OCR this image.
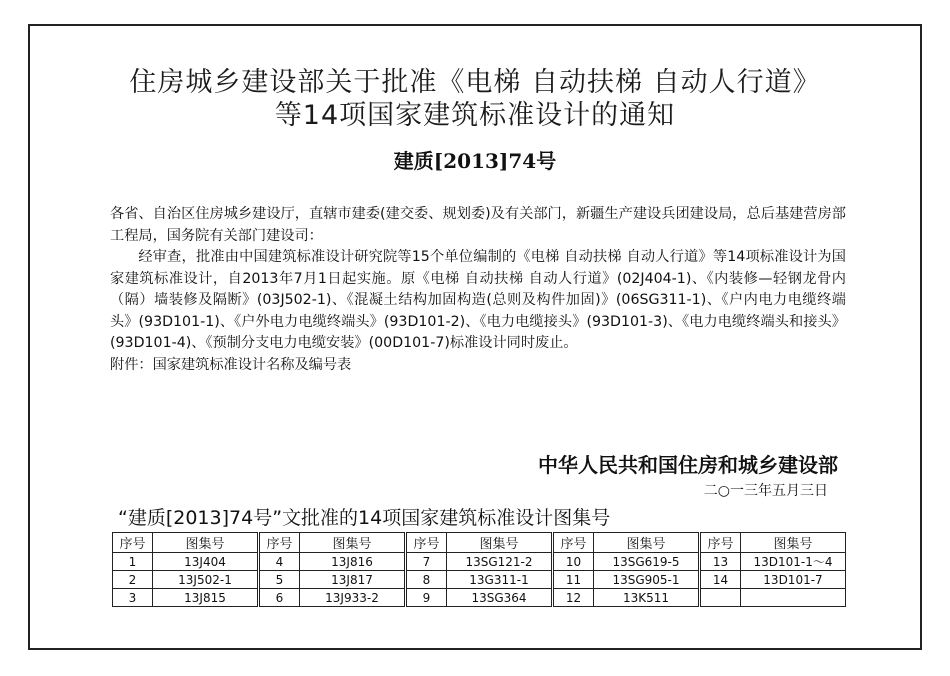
住房城乡建设部关于批准《电梯 自动扶梯 自动人行道》
等14项国家建筑标准设计的通知
建质[2013]74号

各省、自治区住房城乡建设厅，直辖市建委(建交委、规划委)及有关部门，新疆生产建设兵团建设局，总后基建营房部工程局，国务院有关部门建设司：

经审查，批准由中国建筑标准设计研究院等15个单位编制的《电梯 自动扶梯 自动人行道》等14项标准设计为国家建筑标准设计，自2013年7月1日起实施。原《电梯 自动扶梯 自动人行道》(02J404-1)、《内装修—轻钢龙骨内（隔）墙装修及隔断》(03J502-1)、《混凝土结构加固构造(总则及构件加固)》(06SG311-1)、《户内电力电缆终端头》(93D101-1)、《户外电力电缆终端头》(93D101-2)、《电力电缆接头》(93D101-3)、《电力电缆终端头和接头》(93D101-4)、《预制分支电力电缆安装》(00D101-7)标准设计同时废止。

附件：国家建筑标准设计名称及编号表

中华人民共和国住房和城乡建设部
二○一三年五月三日
“建质[2013]74号”文批准的14项国家建筑标准设计图集号
序号	图集号	序号	图集号	序号	图集号	序号	图集号	序号	图集号
1	13J404	4	13J816	7	13SG121-2	10	13SG619-5	13	13D101-1～4
2	13J502-1	5	13J817	8	13G311-1	11	13SG905-1	14	13D101-7
3	13J815	6	13J933-2	9	13SG364	12	13K511		
